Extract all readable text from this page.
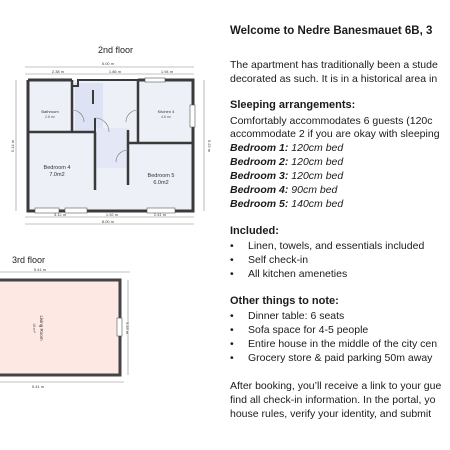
2nd floor
6.00 m
2.38 m	1.86 m	1.94 m
Bathroom
2.6 m²
Kitchen 4
4.6 m²
Bedroom 4
7.0m2	Bedroom 5
6.0m2
5.14 m	5.23 m
3.12 m	1.92 m	2.41 m
8.00 m
3rd floor
5.41 m
Living Room
18 m²	3.33 m
5.41 m
Welcome to Nedre Banesmauet 6B, 3
The apartment has traditionally been a stude
decorated as such. It is in a historical area in
Sleeping arrangements:
Comfortably accommodates 6 guests (120c
accommodate 2 if you are okay with sleeping
Bedroom 1: 120cm bed
Bedroom 2: 120cm bed
Bedroom 3: 120cm bed
Bedroom 4: 90cm bed
Bedroom 5: 140cm bed
Included:
• Linen, towels, and essentials included
• Self check-in
• All kitchen ameneties
Other things to note:
• Dinner table: 6 seats
• Sofa space for 4-5 people
• Entire house in the middle of the city cen
• Grocery store & paid parking 50m away
After booking, you’ll receive a link to your gue
find all check-in information. In the portal, yo
house rules, verify your identity, and submit
